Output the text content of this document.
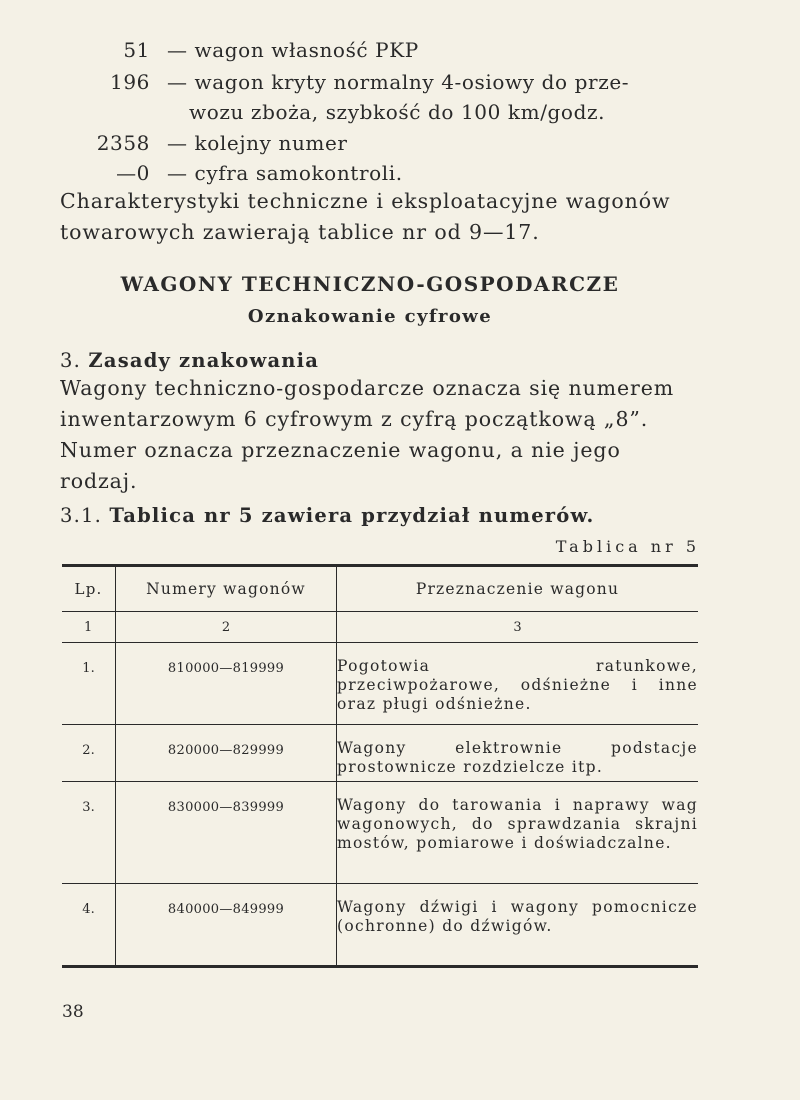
51 — wagon własność PKP
196 — wagon kryty normalny 4-osiowy do prze-
wozu zboża, szybkość do 100 km/godz.
2358 — kolejny numer
—0 — cyfra samokontroli.
Charakterystyki techniczne i eksploatacyjne wagonów towarowych zawierają tablice nr od 9—17.
WAGONY TECHNICZNO-GOSPODARCZE
Oznakowanie cyfrowe
3. Zasady znakowania
Wagony techniczno-gospodarcze oznacza się numerem inwentarzowym 6 cyfrowym z cyfrą początkową „8”. Numer oznacza przeznaczenie wagonu, a nie jego rodzaj.
3.1. Tablica nr 5 zawiera przydział numerów.
Tablica nr 5
Lp.	Numery wagonów	Przeznaczenie wagonu
1	2	3
1.	810000—819999	Pogotowia ratunkowe, przeciwpożarowe, odśnieżne i inne oraz pługi odśnieżne.
2.	820000—829999	Wagony elektrownie podstacje prostownicze rozdzielcze itp.
3.	830000—839999	Wagony do tarowania i naprawy wag wagonowych, do sprawdzania skrajni mostów, pomiarowe i doświadczalne.
4.	840000—849999	Wagony dźwigi i wagony pomocnicze (ochronne) do dźwigów.
38
